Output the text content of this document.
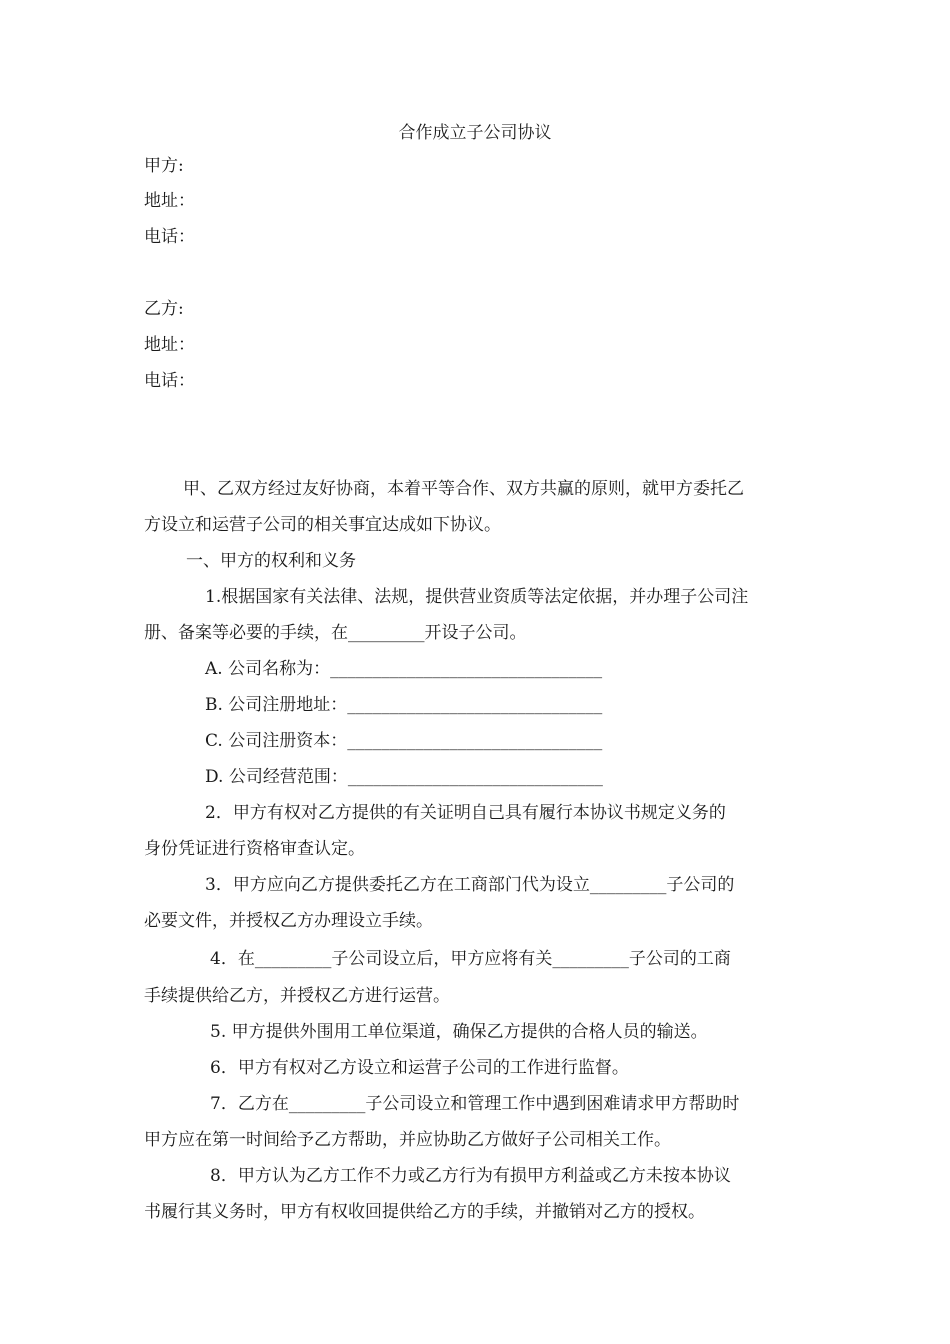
合作成立子公司协议
甲方:
地址：
电话：
乙方:
地址：
电话：
甲、乙双方经过友好协商，本着平等合作、双方共赢的原则，就甲方委托乙
方设立和运营子公司的相关事宜达成如下协议。
一、甲方的权利和义务
1.根据国家有关法律、法规，提供营业资质等法定依据，并办理子公司注
册、备案等必要的手续，在_________开设子公司。
A. 公司名称为：________________________________
B. 公司注册地址：______________________________
C. 公司注册资本：______________________________
D. 公司经营范围：______________________________
2．甲方有权对乙方提供的有关证明自己具有履行本协议书规定义务的
身份凭证进行资格审查认定。
3．甲方应向乙方提供委托乙方在工商部门代为设立_________子公司的
必要文件，并授权乙方办理设立手续。
4．在_________子公司设立后，甲方应将有关_________子公司的工商
手续提供给乙方，并授权乙方进行运营。
5. 甲方提供外围用工单位渠道，确保乙方提供的合格人员的输送。
6．甲方有权对乙方设立和运营子公司的工作进行监督。
7．乙方在_________子公司设立和管理工作中遇到困难请求甲方帮助时
甲方应在第一时间给予乙方帮助，并应协助乙方做好子公司相关工作。
8．甲方认为乙方工作不力或乙方行为有损甲方利益或乙方未按本协议
书履行其义务时，甲方有权收回提供给乙方的手续，并撤销对乙方的授权。
